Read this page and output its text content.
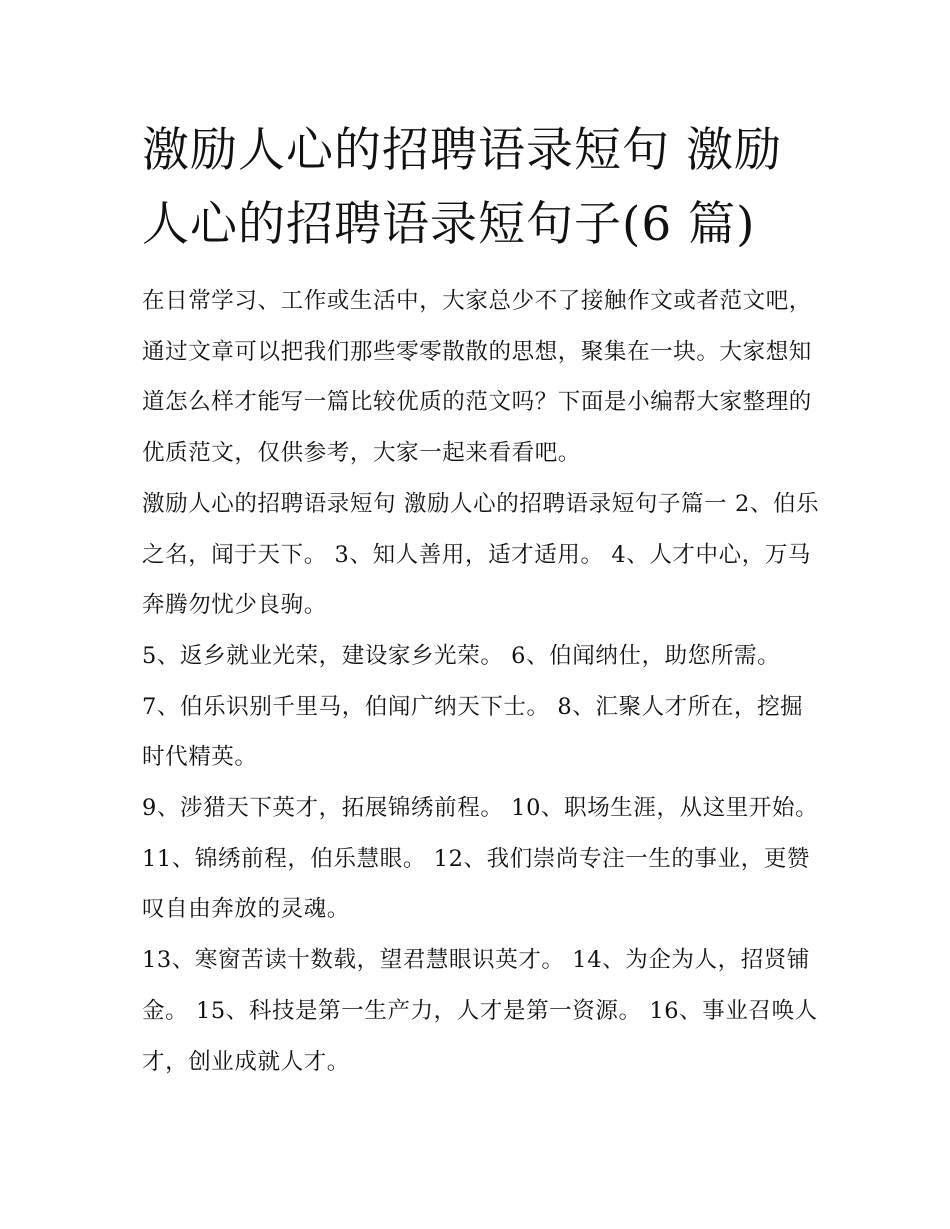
激励人心的招聘语录短句 激励人心的招聘语录短句子(6 篇)

在日常学习、工作或生活中，大家总少不了接触作文或者范文吧，通过文章可以把我们那些零零散散的思想，聚集在一块。大家想知道怎么样才能写一篇比较优质的范文吗？下面是小编帮大家整理的优质范文，仅供参考，大家一起来看看吧。

激励人心的招聘语录短句 激励人心的招聘语录短句子篇一 2、伯乐之名，闻于天下。 3、知人善用，适才适用。 4、人才中心，万马奔腾勿忧少良驹。

5、返乡就业光荣，建设家乡光荣。 6、伯闻纳仕，助您所需。 7、伯乐识别千里马，伯闻广纳天下士。 8、汇聚人才所在，挖掘时代精英。

9、涉猎天下英才，拓展锦绣前程。 10、职场生涯，从这里开始。 11、锦绣前程，伯乐慧眼。 12、我们崇尚专注一生的事业，更赞叹自由奔放的灵魂。

13、寒窗苦读十数载，望君慧眼识英才。 14、为企为人，招贤铺金。 15、科技是第一生产力，人才是第一资源。 16、事业召唤人才，创业成就人才。
